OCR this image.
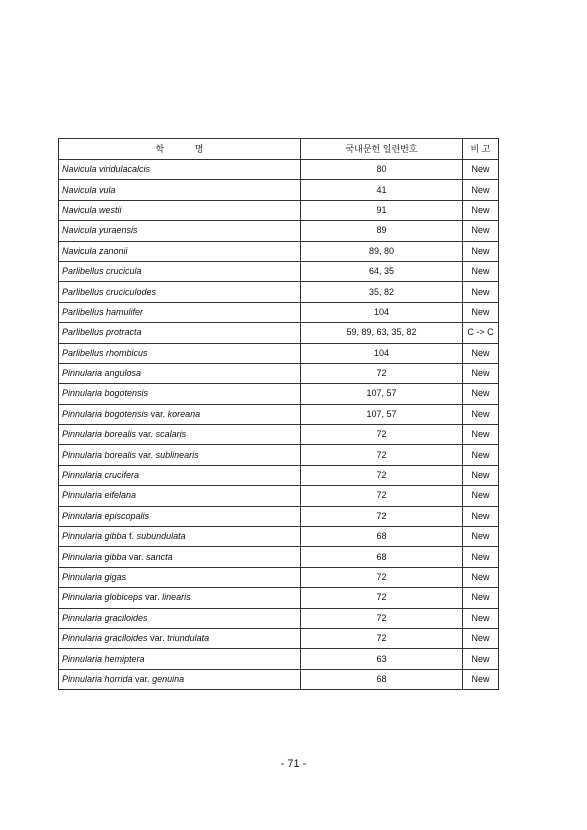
학 명	국내문헌 일련번호	비 고
Navicula viridulacalcis	80	New
Navicula vula	41	New
Navicula westii	91	New
Navicula yuraensis	89	New
Navicula zanonii	89, 80	New
Parlibellus crucicula	64, 35	New
Parlibellus cruciculodes	35, 82	New
Parlibellus hamulifer	104	New
Parlibellus protracta	59, 89, 63, 35, 82	C -> C
Parlibellus rhombicus	104	New
Pinnularia angulosa	72	New
Pinnularia bogotensis	107, 57	New
Pinnularia bogotensis var. koreana	107, 57	New
Pinnularia borealis var. scalaris	72	New
Pinnularia borealis var. sublinearis	72	New
Pinnularia crucifera	72	New
Pinnularia eifelana	72	New
Pinnularia episcopalis	72	New
Pinnularia gibba f. subundulata	68	New
Pinnularia gibba var. sancta	68	New
Pinnularia gigas	72	New
Pinnularia globiceps var. linearis	72	New
Pinnularia graciloides	72	New
Pinnularia graciloides var. triundulata	72	New
Pinnularia hemiptera	63	New
Pinnularia horrida var. genuina	68	New
- 71 -
